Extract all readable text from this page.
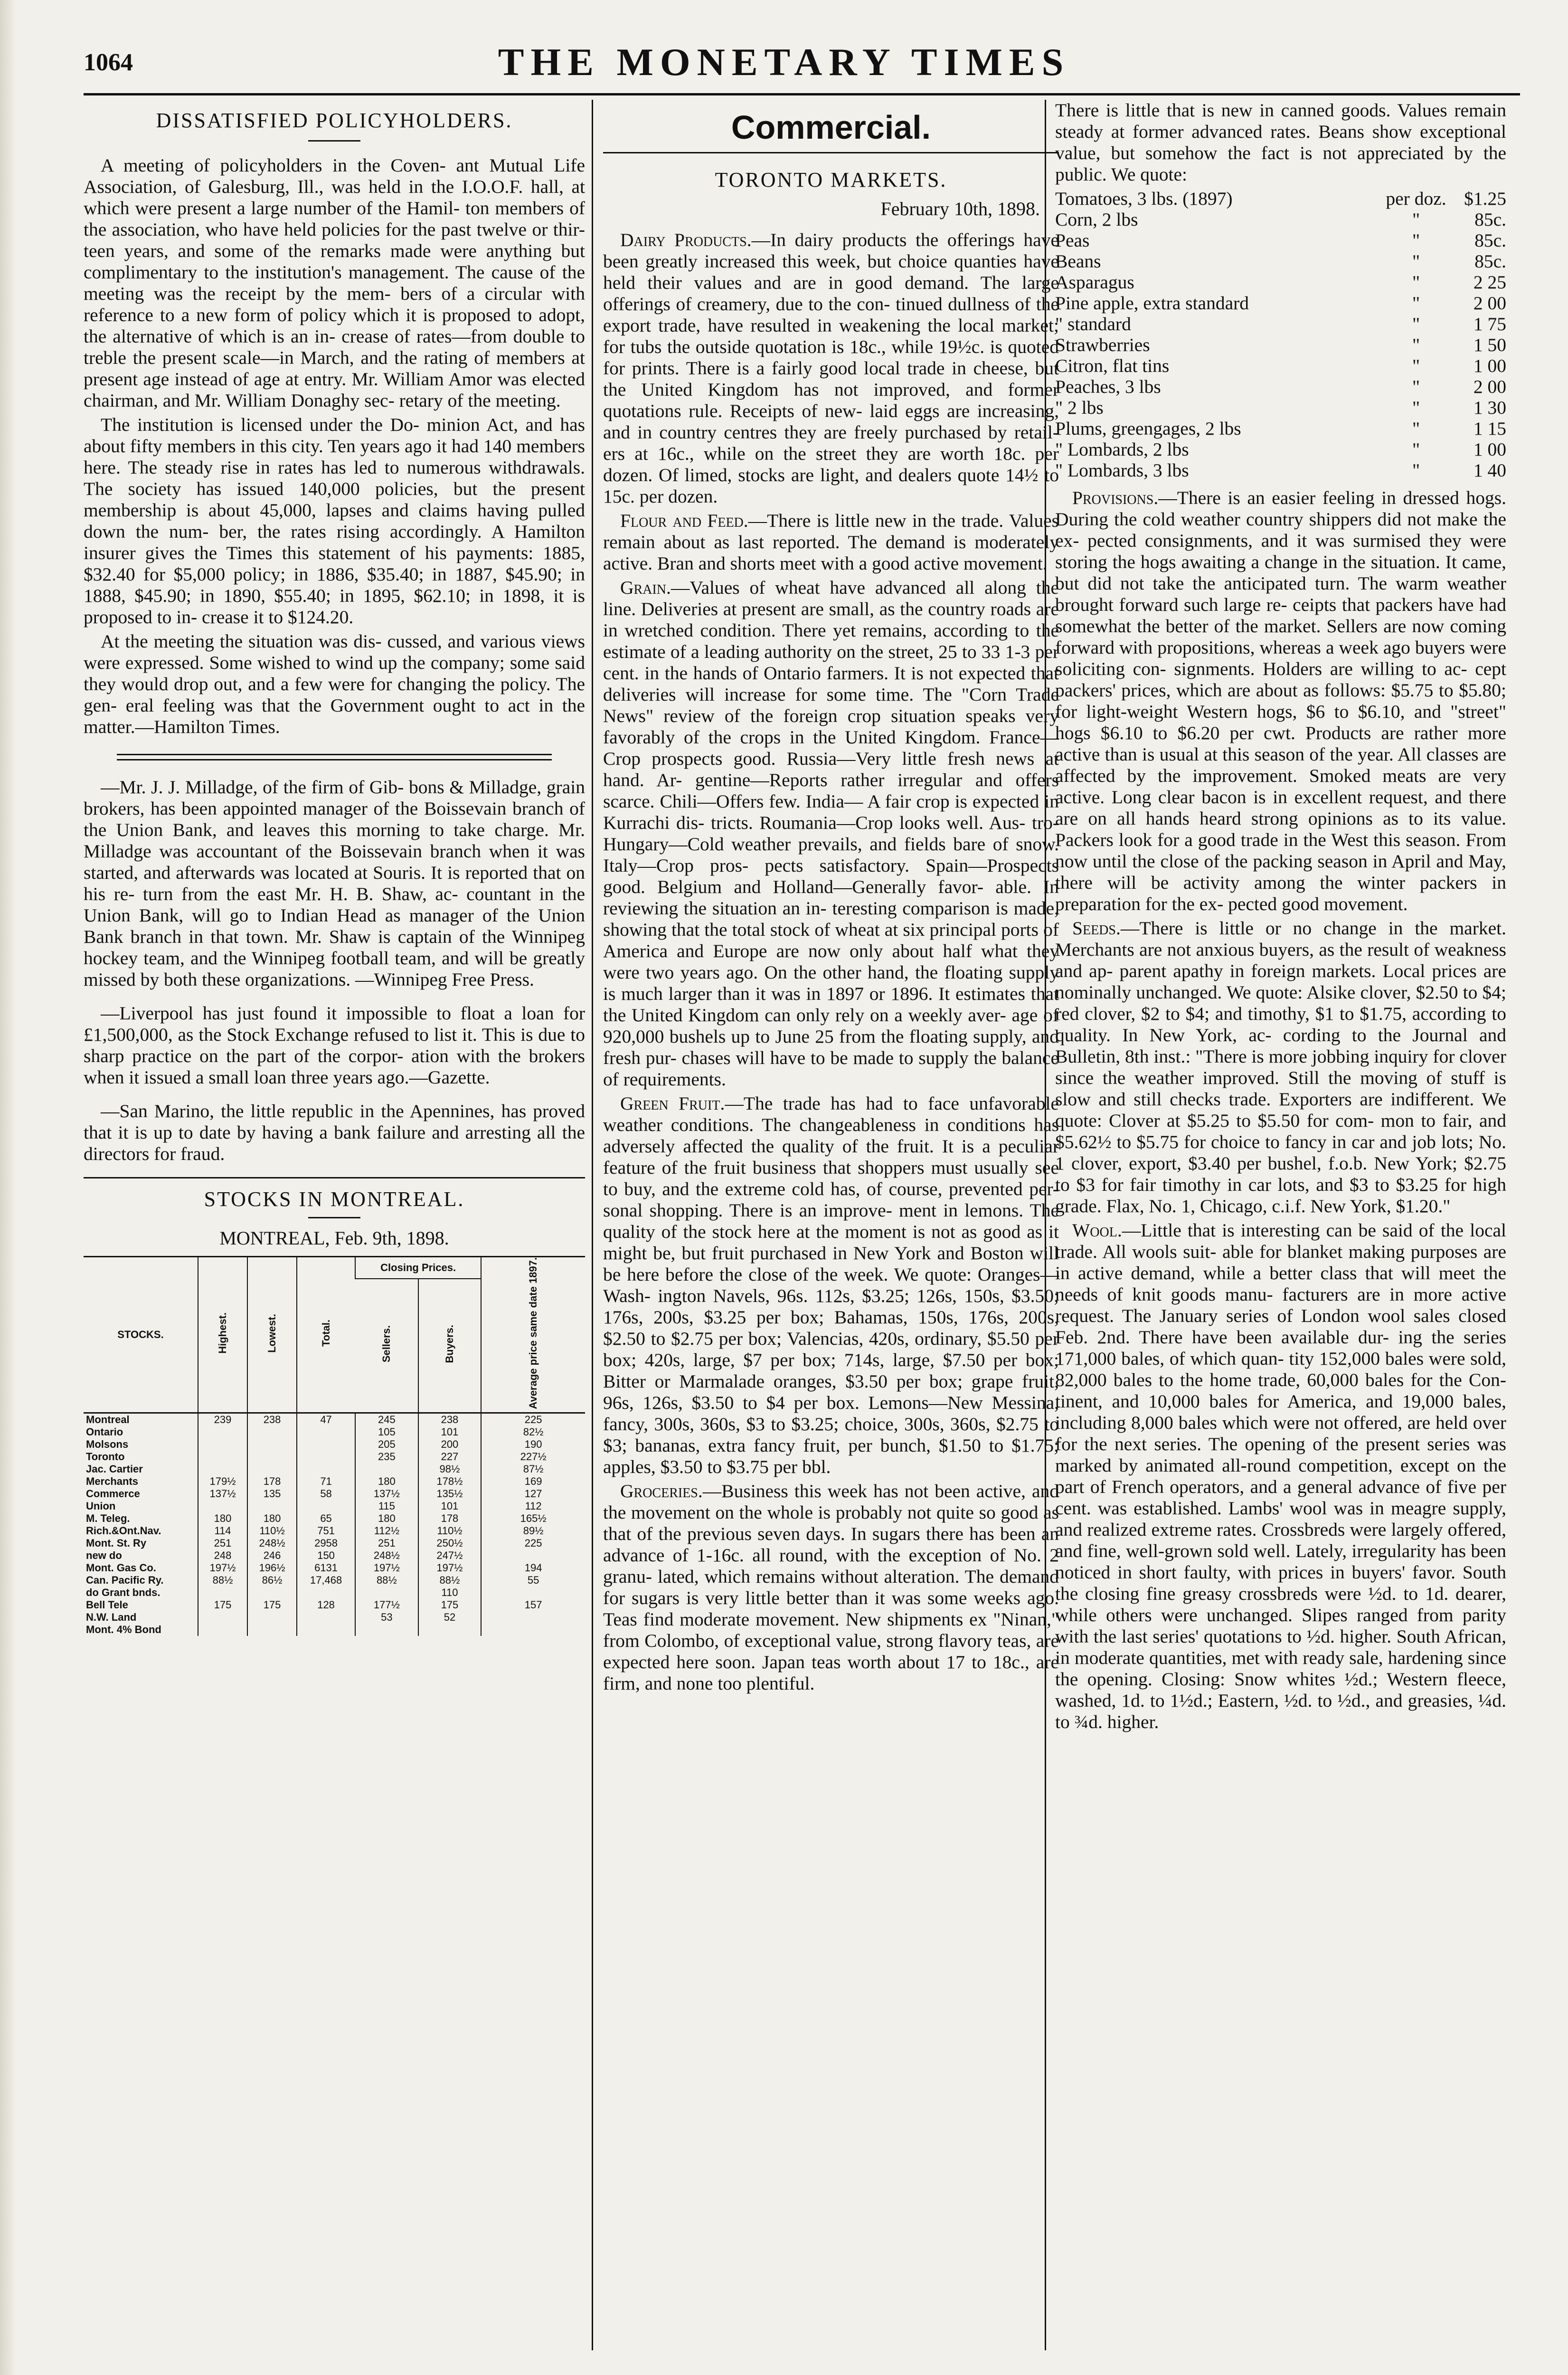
1064	THE MONETARY TIMES
DISSATISFIED POLICYHOLDERS.

A meeting of policyholders in the Coven- ant Mutual Life Association, of Galesburg, Ill., was held in the I.O.O.F. hall, at which were present a large number of the Hamil- ton members of the association, who have held policies for the past twelve or thir- teen years, and some of the remarks made were anything but complimentary to the institution's management. The cause of the meeting was the receipt by the mem- bers of a circular with reference to a new form of policy which it is proposed to adopt, the alternative of which is an in- crease of rates—from double to treble the present scale—in March, and the rating of members at present age instead of age at entry. Mr. William Amor was elected chairman, and Mr. William Donaghy sec- retary of the meeting.

The institution is licensed under the Do- minion Act, and has about fifty members in this city. Ten years ago it had 140 members here. The steady rise in rates has led to numerous withdrawals. The society has issued 140,000 policies, but the present membership is about 45,000, lapses and claims having pulled down the num- ber, the rates rising accordingly. A Hamilton insurer gives the Times this statement of his payments: 1885, $32.40 for $5,000 policy; in 1886, $35.40; in 1887, $45.90; in 1888, $45.90; in 1890, $55.40; in 1895, $62.10; in 1898, it is proposed to in- crease it to $124.20.

At the meeting the situation was dis- cussed, and various views were expressed. Some wished to wind up the company; some said they would drop out, and a few were for changing the policy. The gen- eral feeling was that the Government ought to act in the matter.—Hamilton Times.

—Mr. J. J. Milladge, of the firm of Gib- bons & Milladge, grain brokers, has been appointed manager of the Boissevain branch of the Union Bank, and leaves this morning to take charge. Mr. Milladge was accountant of the Boissevain branch when it was started, and afterwards was located at Souris. It is reported that on his re- turn from the east Mr. H. B. Shaw, ac- countant in the Union Bank, will go to Indian Head as manager of the Union Bank branch in that town. Mr. Shaw is captain of the Winnipeg hockey team, and the Winnipeg football team, and will be greatly missed by both these organizations. —Winnipeg Free Press.

—Liverpool has just found it impossible to float a loan for £1,500,000, as the Stock Exchange refused to list it. This is due to sharp practice on the part of the corpor- ation with the brokers when it issued a small loan three years ago.—Gazette.

—San Marino, the little republic in the Apennines, has proved that it is up to date by having a bank failure and arresting all the directors for fraud.

STOCKS IN MONTREAL.
MONTREAL, Feb. 9th, 1898.
STOCKS.	Highest.	Lowest.	Total.	Closing Prices.		Average price same date 1897.
				Sellers.	Buyers.	
Montreal	239	238	47	245	238	225
Ontario				105	101	82½
Molsons				205	200	190
Toronto				235	227	227½
Jac. Cartier					98½	87½
Merchants	179½	178	71	180	178½	169
Commerce	137½	135	58	137½	135½	127
Union				115	101	112
M. Teleg.	180	180	65	180	178	165½
Rich.&Ont.Nav.	114	110½	751	112½	110½	89½
Mont. St. Ry	251	248½	2958	251	250½	225
new do	248	246	150	248½	247½	
Mont. Gas Co.	197½	196½	6131	197½	197½	194
Can. Pacific Ry.	88½	86½	17,468	88½	88½	55
do Grant bnds.					110	
Bell Tele	175	175	128	177½	175	157
N.W. Land				53	52	
Mont. 4% Bond						
Commercial.
TORONTO MARKETS.
February 10th, 1898.

Dairy Products.—In dairy products the offerings have been greatly increased this week, but choice quanties have held their values and are in good demand. The large offerings of creamery, due to the con- tinued dullness of the export trade, have resulted in weakening the local market; for tubs the outside quotation is 18c., while 19½c. is quoted for prints. There is a fairly good local trade in cheese, but the United Kingdom has not improved, and former quotations rule. Receipts of new- laid eggs are increasing, and in country centres they are freely purchased by retail- ers at 16c., while on the street they are worth 18c. per dozen. Of limed, stocks are light, and dealers quote 14½ to 15c. per dozen.

Flour and Feed.—There is little new in the trade. Values remain about as last reported. The demand is moderately active. Bran and shorts meet with a good active movement.

Grain.—Values of wheat have advanced all along the line. Deliveries at present are small, as the country roads are in wretched condition. There yet remains, according to the estimate of a leading authority on the street, 25 to 33 1-3 per cent. in the hands of Ontario farmers. It is not expected that deliveries will increase for some time. The "Corn Trade News" review of the foreign crop situation speaks very favorably of the crops in the United Kingdom. France—Crop prospects good. Russia—Very little fresh news at hand. Ar- gentine—Reports rather irregular and offers scarce. Chili—Offers few. India— A fair crop is expected in Kurrachi dis- tricts. Roumania—Crop looks well. Aus- tro-Hungary—Cold weather prevails, and fields bare of snow. Italy—Crop pros- pects satisfactory. Spain—Prospects good. Belgium and Holland—Generally favor- able. In reviewing the situation an in- teresting comparison is made, showing that the total stock of wheat at six principal ports of America and Europe are now only about half what they were two years ago. On the other hand, the floating supply is much larger than it was in 1897 or 1896. It estimates that the United Kingdom can only rely on a weekly aver- age of 920,000 bushels up to June 25 from the floating supply, and fresh pur- chases will have to be made to supply the balance of requirements.

Green Fruit.—The trade has had to face unfavorable weather conditions. The changeableness in conditions has adversely affected the quality of the fruit. It is a peculiar feature of the fruit business that shoppers must usually see to buy, and the extreme cold has, of course, prevented per- sonal shopping. There is an improve- ment in lemons. The quality of the stock here at the moment is not as good as it might be, but fruit purchased in New York and Boston will be here before the close of the week. We quote: Oranges—Wash- ington Navels, 96s. 112s, $3.25; 126s, 150s, $3.50; 176s, 200s, $3.25 per box; Bahamas, 150s, 176s, 200s, $2.50 to $2.75 per box; Valencias, 420s, ordinary, $5.50 per box; 420s, large, $7 per box; 714s, large, $7.50 per box; Bitter or Marmalade oranges, $3.50 per box; grape fruit, 96s, 126s, $3.50 to $4 per box. Lemons—New Messina, fancy, 300s, 360s, $3 to $3.25; choice, 300s, 360s, $2.75 to $3; bananas, extra fancy fruit, per bunch, $1.50 to $1.75; apples, $3.50 to $3.75 per bbl.

Groceries.—Business this week has not been active, and the movement on the whole is probably not quite so good as that of the previous seven days. In sugars there has been an advance of 1-16c. all round, with the exception of No. 2 granu- lated, which remains without alteration. The demand for sugars is very little better than it was some weeks ago. Teas find moderate movement. New shipments ex "Ninan," from Colombo, of exceptional value, strong flavory teas, are expected here soon. Japan teas worth about 17 to 18c., are firm, and none too plentiful.

There is little that is new in canned goods. Values remain steady at former advanced rates. Beans show exceptional value, but somehow the fact is not appreciated by the public. We quote:

Tomatoes, 3 lbs. (1897)	per doz.	$1.25
Corn, 2 lbs	"	85c.
Peas	"	85c.
Beans	"	85c.
Asparagus	"	2 25
Pine apple, extra standard	"	2 00
" standard	"	1 75
Strawberries	"	1 50
Citron, flat tins	"	1 00
Peaches, 3 lbs	"	2 00
" 2 lbs	"	1 30
Plums, greengages, 2 lbs	"	1 15
" Lombards, 2 lbs	"	1 00
" Lombards, 3 lbs	"	1 40

Provisions.—There is an easier feeling in dressed hogs. During the cold weather country shippers did not make the ex- pected consignments, and it was surmised they were storing the hogs awaiting a change in the situation. It came, but did not take the anticipated turn. The warm weather brought forward such large re- ceipts that packers have had somewhat the better of the market. Sellers are now coming forward with propositions, whereas a week ago buyers were soliciting con- signments. Holders are willing to ac- cept packers' prices, which are about as follows: $5.75 to $5.80; for light-weight Western hogs, $6 to $6.10, and "street" hogs $6.10 to $6.20 per cwt. Products are rather more active than is usual at this season of the year. All classes are affected by the improvement. Smoked meats are very active. Long clear bacon is in excellent request, and there are on all hands heard strong opinions as to its value. Packers look for a good trade in the West this season. From now until the close of the packing season in April and May, there will be activity among the winter packers in preparation for the ex- pected good movement.

Seeds.—There is little or no change in the market. Merchants are not anxious buyers, as the result of weakness and ap- parent apathy in foreign markets. Local prices are nominally unchanged. We quote: Alsike clover, $2.50 to $4; red clover, $2 to $4; and timothy, $1 to $1.75, according to quality. In New York, ac- cording to the Journal and Bulletin, 8th inst.: "There is more jobbing inquiry for clover since the weather improved. Still the moving of stuff is slow and still checks trade. Exporters are indifferent. We quote: Clover at $5.25 to $5.50 for com- mon to fair, and $5.62½ to $5.75 for choice to fancy in car and job lots; No. 1 clover, export, $3.40 per bushel, f.o.b. New York; $2.75 to $3 for fair timothy in car lots, and $3 to $3.25 for high grade. Flax, No. 1, Chicago, c.i.f. New York, $1.20."

Wool.—Little that is interesting can be said of the local trade. All wools suit- able for blanket making purposes are in active demand, while a better class that will meet the needs of knit goods manu- facturers are in more active request. The January series of London wool sales closed Feb. 2nd. There have been available dur- ing the series 171,000 bales, of which quan- tity 152,000 bales were sold, 82,000 bales to the home trade, 60,000 bales for the Con- tinent, and 10,000 bales for America, and 19,000 bales, including 8,000 bales which were not offered, are held over for the next series. The opening of the present series was marked by animated all-round competition, except on the part of French operators, and a general advance of five per cent. was established. Lambs' wool was in meagre supply, and realized extreme rates. Crossbreds were largely offered, and fine, well-grown sold well. Lately, irregularity has been noticed in short faulty, with prices in buyers' favor. South the closing fine greasy crossbreds were ½d. to 1d. dearer, while others were unchanged. Slipes ranged from parity with the last series' quotations to ½d. higher. South African, in moderate quantities, met with ready sale, hardening since the opening. Closing: Snow whites ½d.; Western fleece, washed, 1d. to 1½d.; Eastern, ½d. to ½d., and greasies, ¼d. to ¾d. higher.
